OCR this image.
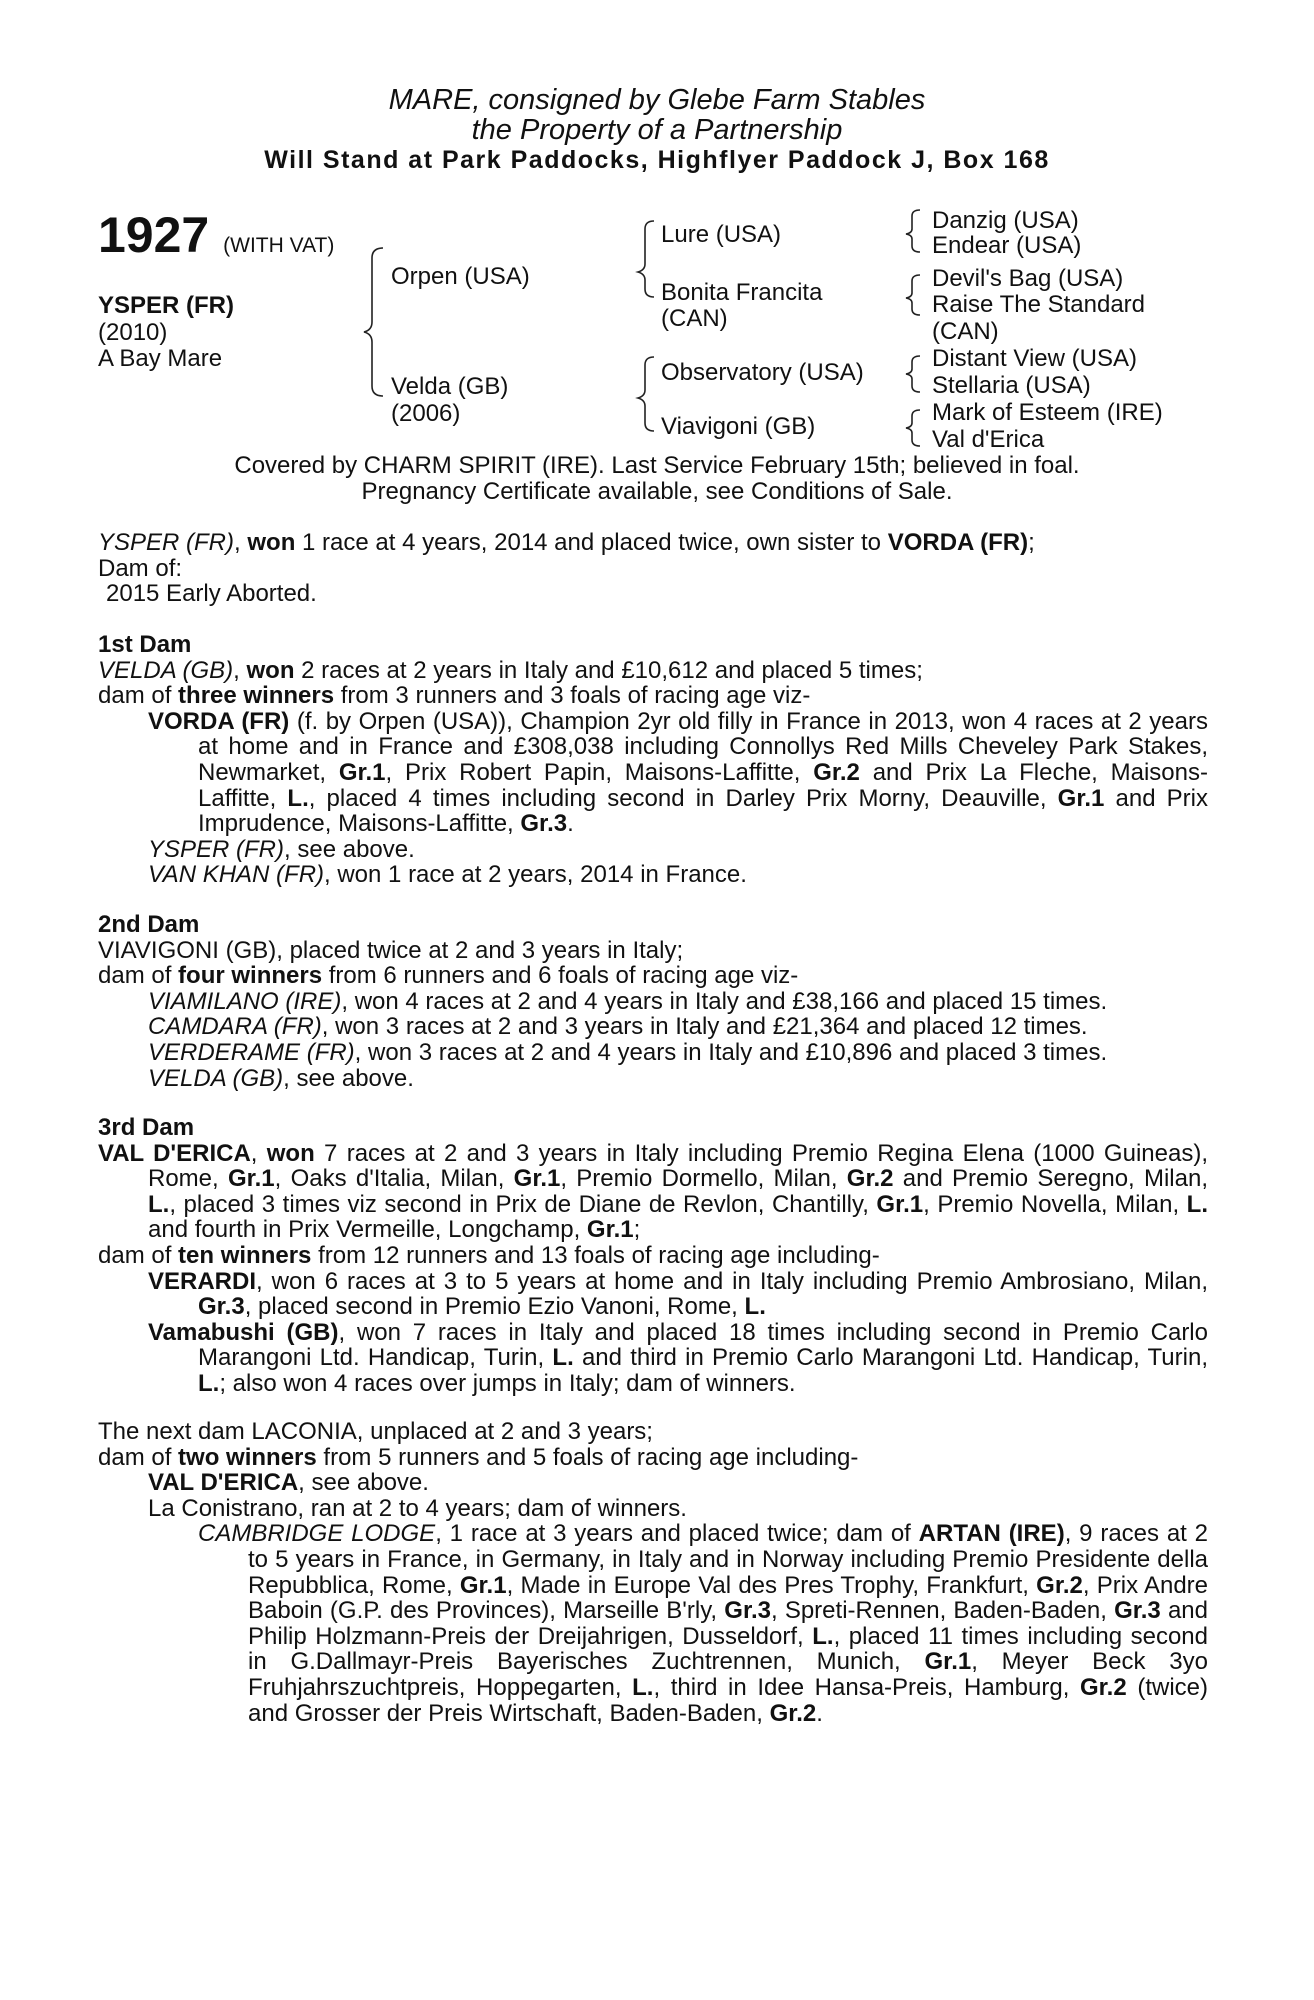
MARE, consigned by Glebe Farm Stables
the Property of a Partnership
Will Stand at Park Paddocks, Highflyer Paddock J, Box 168
1927 (WITH VAT)
YSPER (FR)
(2010)
A Bay Mare
Orpen (USA)
Velda (GB)
(2006)
Lure (USA)
Bonita Francita
(CAN)
Observatory (USA)
Viavigoni (GB)
Danzig (USA)
Endear (USA)
Devil's Bag (USA)
Raise The Standard
(CAN)
Distant View (USA)
Stellaria (USA)
Mark of Esteem (IRE)
Val d'Erica
Covered by CHARM SPIRIT (IRE). Last Service February 15th; believed in foal.
Pregnancy Certificate available, see Conditions of Sale.

YSPER (FR), won 1 race at 4 years, 2014 and placed twice, own sister to VORDA (FR);

Dam of:

2015 Early Aborted.

1st Dam

VELDA (GB), won 2 races at 2 years in Italy and £10,612 and placed 5 times;

dam of three winners from 3 runners and 3 foals of racing age viz-

VORDA (FR) (f. by Orpen (USA)), Champion 2yr old filly in France in 2013, won 4 races at 2 years at home and in France and £308,038 including Connollys Red Mills Cheveley Park Stakes, Newmarket, Gr.1, Prix Robert Papin, Maisons-Laffitte, Gr.2 and Prix La Fleche, Maisons-Laffitte, L., placed 4 times including second in Darley Prix Morny, Deauville, Gr.1 and Prix Imprudence, Maisons-Laffitte, Gr.3.

YSPER (FR), see above.

VAN KHAN (FR), won 1 race at 2 years, 2014 in France.

2nd Dam

VIAVIGONI (GB), placed twice at 2 and 3 years in Italy;

dam of four winners from 6 runners and 6 foals of racing age viz-

VIAMILANO (IRE), won 4 races at 2 and 4 years in Italy and £38,166 and placed 15 times.

CAMDARA (FR), won 3 races at 2 and 3 years in Italy and £21,364 and placed 12 times.

VERDERAME (FR), won 3 races at 2 and 4 years in Italy and £10,896 and placed 3 times.

VELDA (GB), see above.

3rd Dam

VAL D'ERICA, won 7 races at 2 and 3 years in Italy including Premio Regina Elena (1000 Guineas), Rome, Gr.1, Oaks d'Italia, Milan, Gr.1, Premio Dormello, Milan, Gr.2 and Premio Seregno, Milan, L., placed 3 times viz second in Prix de Diane de Revlon, Chantilly, Gr.1, Premio Novella, Milan, L. and fourth in Prix Vermeille, Longchamp, Gr.1;

dam of ten winners from 12 runners and 13 foals of racing age including-

VERARDI, won 6 races at 3 to 5 years at home and in Italy including Premio Ambrosiano, Milan, Gr.3, placed second in Premio Ezio Vanoni, Rome, L.

Vamabushi (GB), won 7 races in Italy and placed 18 times including second in Premio Carlo Marangoni Ltd. Handicap, Turin, L. and third in Premio Carlo Marangoni Ltd. Handicap, Turin, L.; also won 4 races over jumps in Italy; dam of winners.

The next dam LACONIA, unplaced at 2 and 3 years;

dam of two winners from 5 runners and 5 foals of racing age including-

VAL D'ERICA, see above.

La Conistrano, ran at 2 to 4 years; dam of winners.

CAMBRIDGE LODGE, 1 race at 3 years and placed twice; dam of ARTAN (IRE), 9 races at 2 to 5 years in France, in Germany, in Italy and in Norway including Premio Presidente della Repubblica, Rome, Gr.1, Made in Europe Val des Pres Trophy, Frankfurt, Gr.2, Prix Andre Baboin (G.P. des Provinces), Marseille B'rly, Gr.3, Spreti-Rennen, Baden-Baden, Gr.3 and Philip Holzmann-Preis der Dreijahrigen, Dusseldorf, L., placed 11 times including second in G.Dallmayr-Preis Bayerisches Zuchtrennen, Munich, Gr.1, Meyer Beck 3yo Fruhjahrszuchtpreis, Hoppegarten, L., third in Idee Hansa-Preis, Hamburg, Gr.2 (twice) and Grosser der Preis Wirtschaft, Baden-Baden, Gr.2.
